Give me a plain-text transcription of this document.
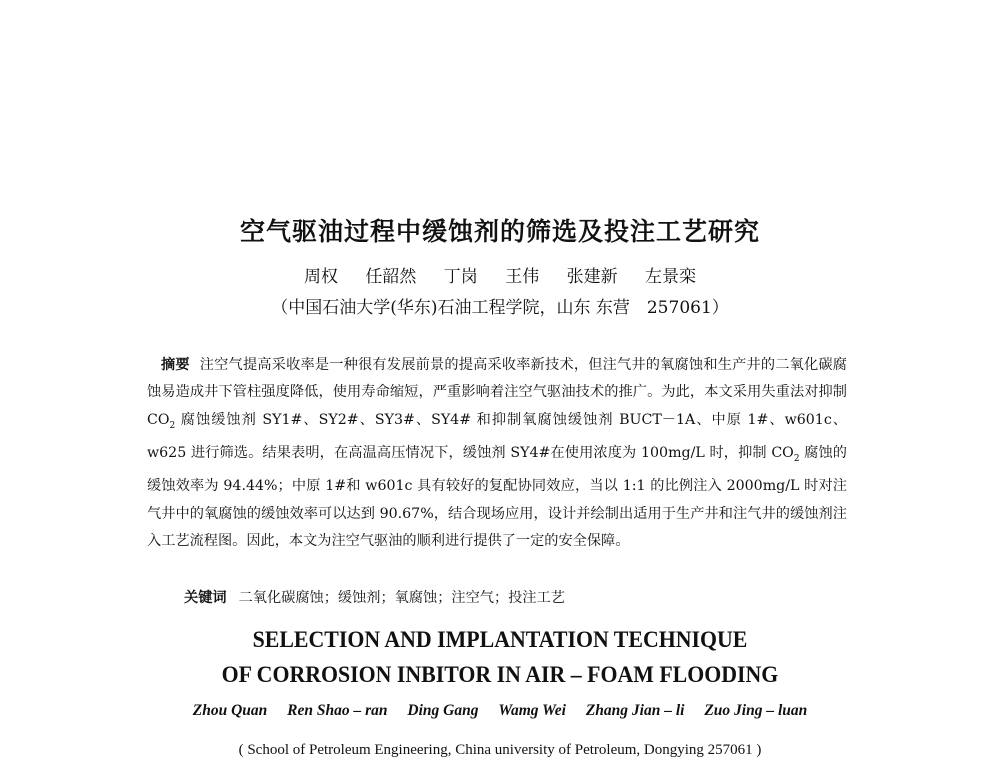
空气驱油过程中缓蚀剂的筛选及投注工艺研究
周权 任韶然 丁岗 王伟 张建新 左景栾
（中国石油大学(华东)石油工程学院，山东 东营　257061）
摘要 注空气提高采收率是一种很有发展前景的提高采收率新技术，但注气井的氧腐蚀和生产井的二氧化碳腐蚀易造成井下管柱强度降低，使用寿命缩短，严重影响着注空气驱油技术的推广。为此，本文采用失重法对抑制 $CO_2$ 腐蚀缓蚀剂 SY1#、SY2#、SY3#、SY4# 和抑制氧腐蚀缓蚀剂 BUCT－1A、中原 1#、w601c、w625 进行筛选。结果表明，在高温高压情况下，缓蚀剂 SY4#在使用浓度为 100mg/L 时，抑制 $CO_2$ 腐蚀的缓蚀效率为 94.44%；中原 1#和 w601c 具有较好的复配协同效应，当以 1:1 的比例注入 2000mg/L 时对注气井中的氧腐蚀的缓蚀效率可以达到 90.67%，结合现场应用，设计并绘制出适用于生产井和注气井的缓蚀剂注入工艺流程图。因此，本文为注空气驱油的顺利进行提供了一定的安全保障。
关键词 二氧化碳腐蚀；缓蚀剂；氧腐蚀；注空气；投注工艺
SELECTION AND IMPLANTATION TECHNIQUE
OF CORROSION INBITOR IN AIR – FOAM FLOODING
Zhou Quan Ren Shao – ran Ding Gang Wamg Wei Zhang Jian – li Zuo Jing – luan
( School of Petroleum Engineering, China university of Petroleum, Dongying 257061 )
